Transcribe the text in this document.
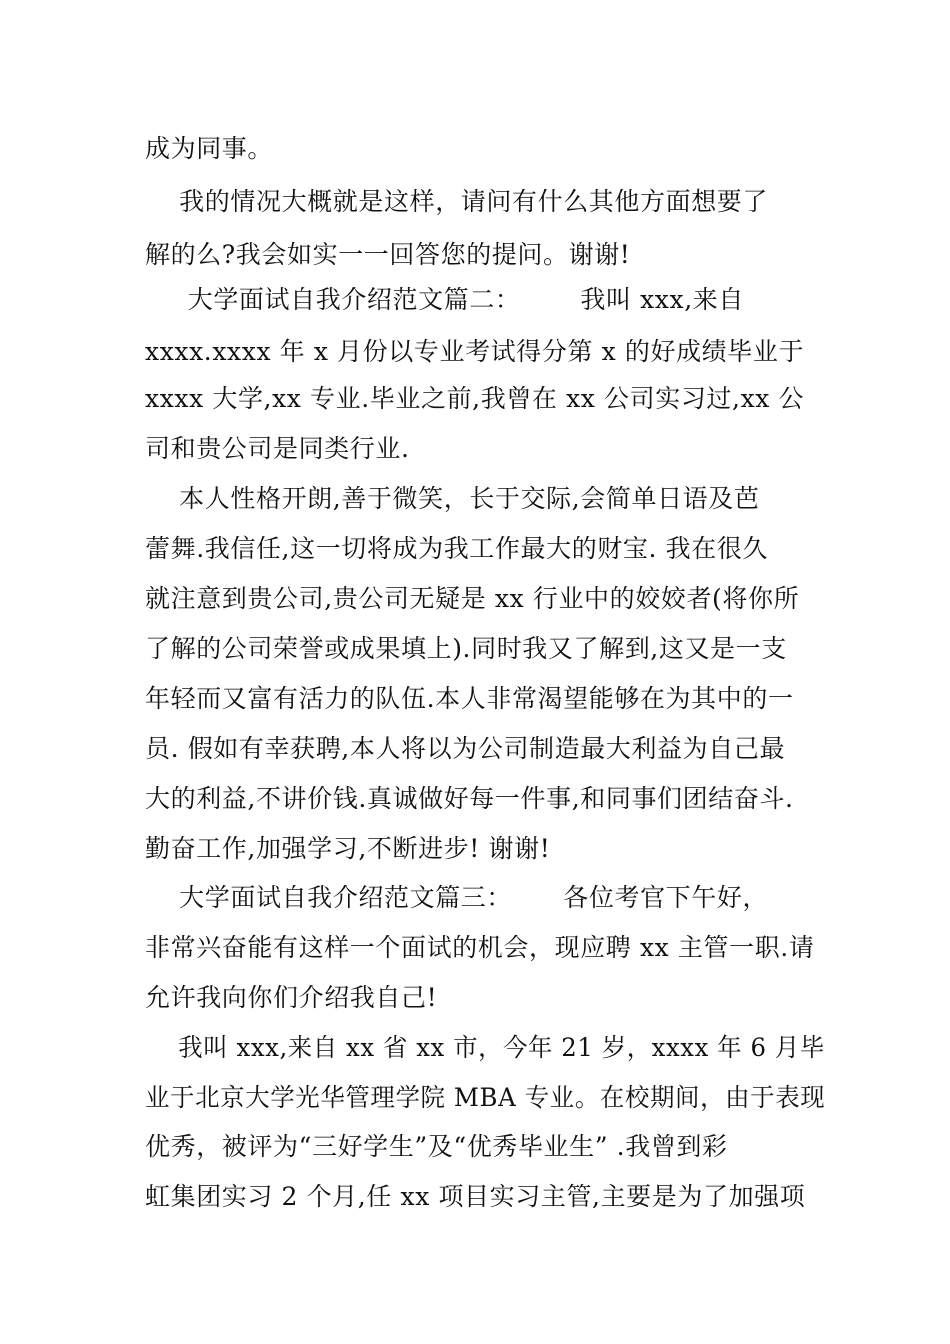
成为同事。

我的情况大概就是这样，请问有什么其他方面想要了

解的么?我会如实一一回答您的提问。谢谢!

大学面试自我介绍范文篇二：       我叫 xxx,来自

xxxx.xxxx 年 x 月份以专业考试得分第 x 的好成绩毕业于

xxxx 大学,xx 专业.毕业之前,我曾在 xx 公司实习过,xx 公

司和贵公司是同类行业.

本人性格开朗,善于微笑，长于交际,会简单日语及芭

蕾舞.我信任,这一切将成为我工作最大的财宝. 我在很久

就注意到贵公司,贵公司无疑是 xx 行业中的姣姣者(将你所

了解的公司荣誉或成果填上).同时我又了解到,这又是一支

年轻而又富有活力的队伍.本人非常渴望能够在为其中的一

员. 假如有幸获聘,本人将以为公司制造最大利益为自己最

大的利益,不讲价钱.真诚做好每一件事,和同事们团结奋斗.

勤奋工作,加强学习,不断进步! 谢谢!

大学面试自我介绍范文篇三：      各位考官下午好，

非常兴奋能有这样一个面试的机会，现应聘 xx 主管一职.请

允许我向你们介绍我自己!

我叫 xxx,来自 xx 省 xx 市，今年 21 岁，xxxx 年 6 月毕

业于北京大学光华管理学院 MBA 专业。在校期间，由于表现

优秀，被评为“三好学生”及“优秀毕业生” .我曾到彩

虹集团实习 2 个月,任 xx 项目实习主管,主要是为了加强项
